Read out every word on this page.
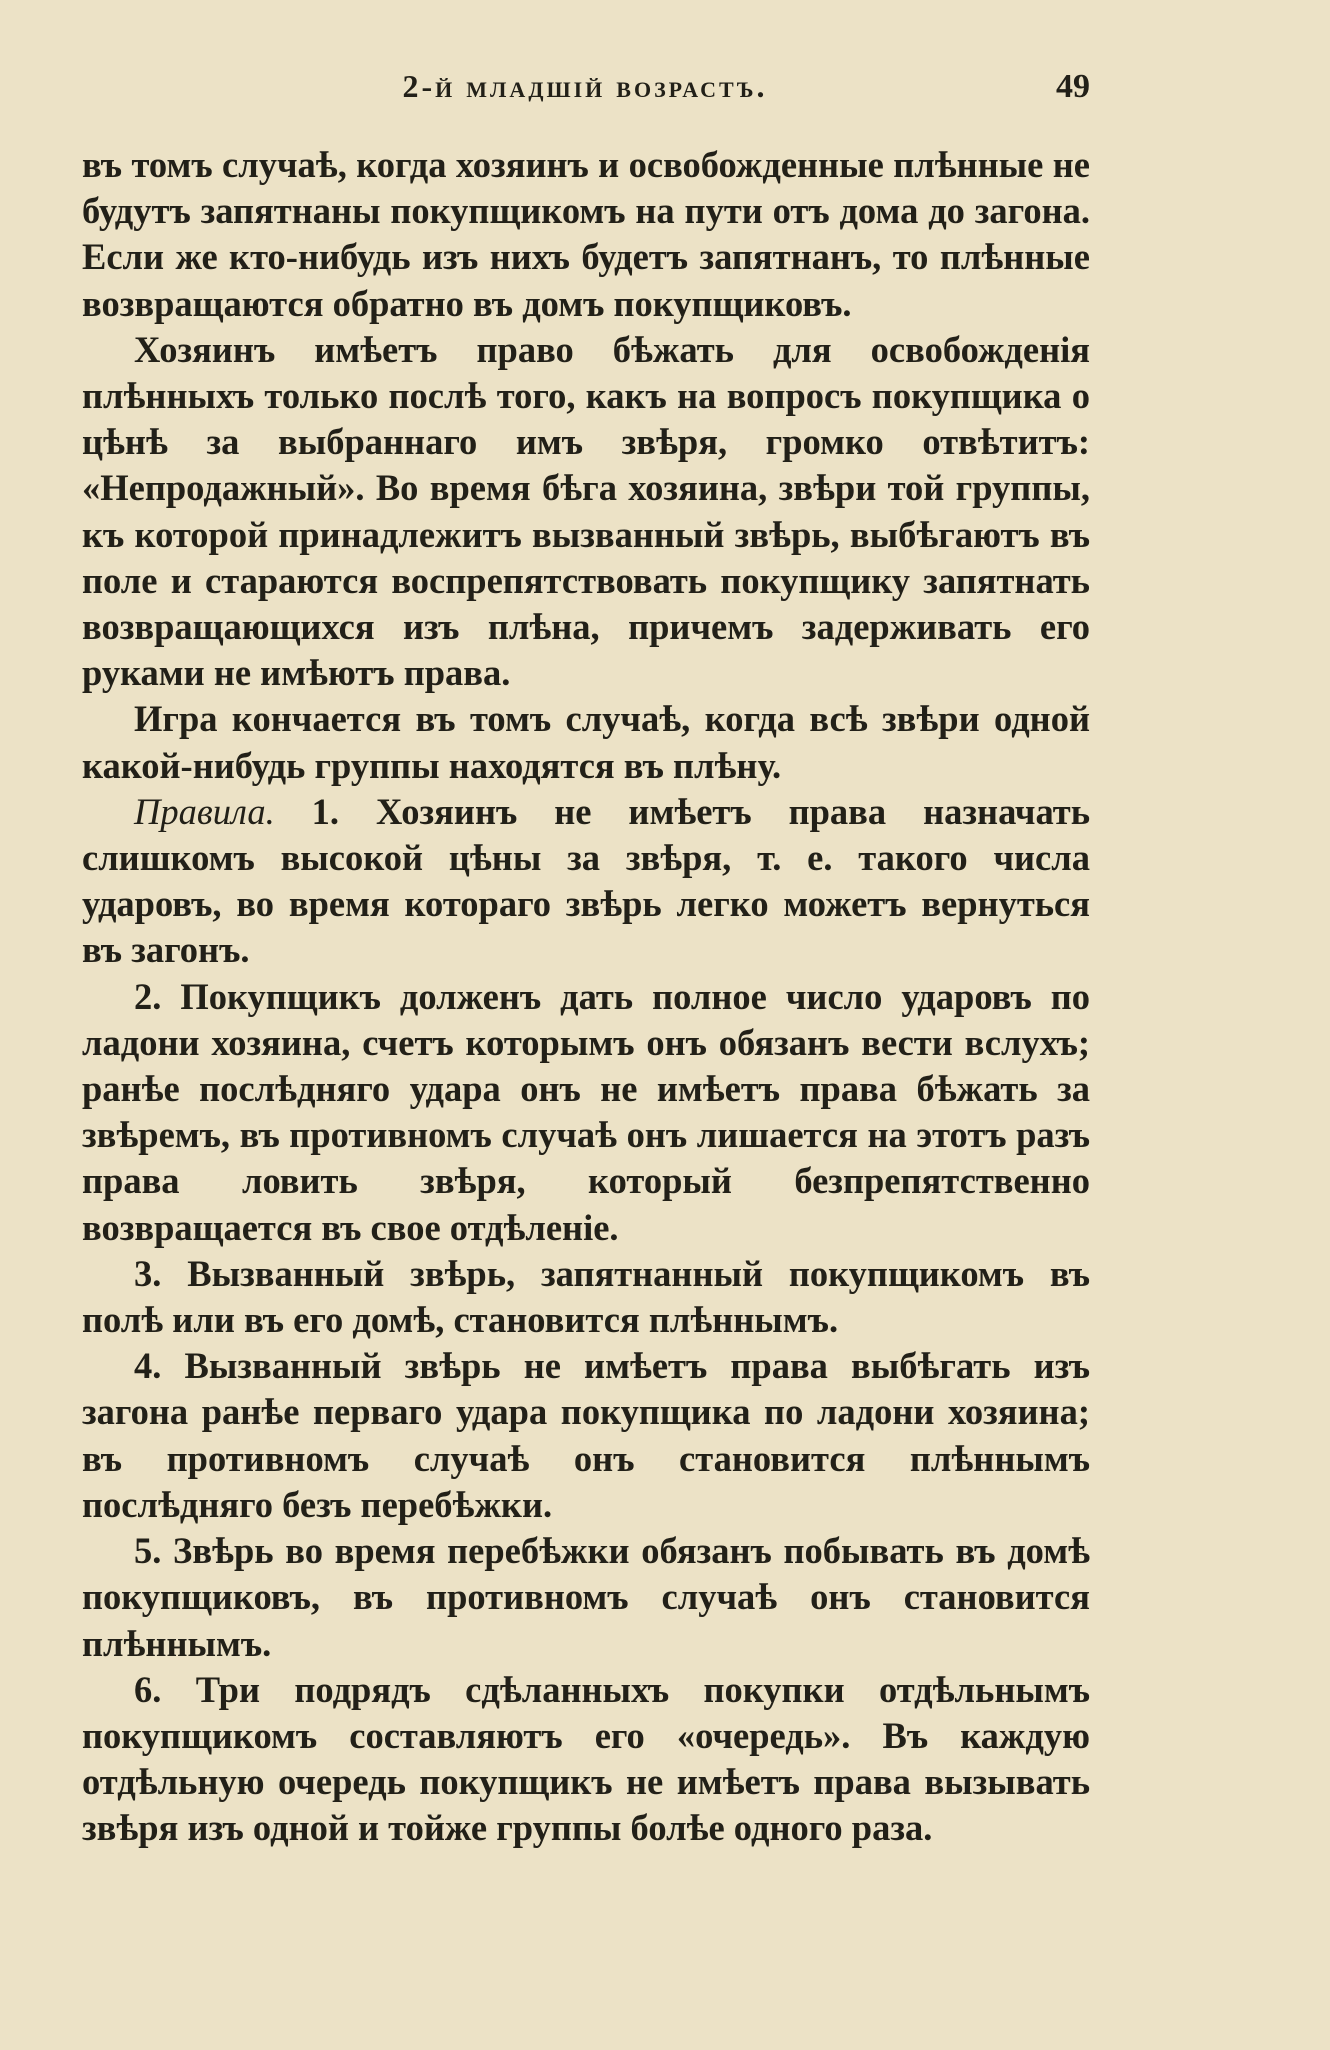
2-й младшій возрастъ.	49

въ томъ случаѣ, когда хозяинъ и освобожденные плѣнные не будутъ запятнаны покупщикомъ на пути отъ дома до загона. Если же кто-нибудь изъ нихъ будетъ запятнанъ, то плѣнные возвращаются обратно въ домъ покупщиковъ.

Хозяинъ имѣетъ право бѣжать для освобожденія плѣнныхъ только послѣ того, какъ на вопросъ покупщика о цѣнѣ за выбраннаго имъ звѣря, громко отвѣтитъ: «Непродажный». Во время бѣга хозяина, звѣри той группы, къ которой принадлежитъ вызванный звѣрь, выбѣгаютъ въ поле и стараются воспрепятствовать покупщику запятнать возвращающихся изъ плѣна, причемъ задерживать его руками не имѣютъ права.

Игра кончается въ томъ случаѣ, когда всѣ звѣри одной какой-нибудь группы находятся въ плѣну.

Правила. 1. Хозяинъ не имѣетъ права назначать слишкомъ высокой цѣны за звѣря, т. е. такого числа ударовъ, во время котораго звѣрь легко можетъ вернуться въ загонъ.

2. Покупщикъ долженъ дать полное число ударовъ по ладони хозяина, счетъ которымъ онъ обязанъ вести вслухъ; ранѣе послѣдняго удара онъ не имѣетъ права бѣжать за звѣремъ, въ противномъ случаѣ онъ лишается на этотъ разъ права ловить звѣря, который безпрепятственно возвращается въ свое отдѣленіе.

3. Вызванный звѣрь, запятнанный покупщикомъ въ полѣ или въ его домѣ, становится плѣннымъ.

4. Вызванный звѣрь не имѣетъ права выбѣгать изъ загона ранѣе перваго удара покупщика по ладони хозяина; въ противномъ случаѣ онъ становится плѣннымъ послѣдняго безъ перебѣжки.

5. Звѣрь во время перебѣжки обязанъ побывать въ домѣ покупщиковъ, въ противномъ случаѣ онъ становится плѣннымъ.

6. Три подрядъ сдѣланныхъ покупки отдѣльнымъ покупщикомъ составляютъ его «очередь». Въ каждую отдѣльную очередь покупщикъ не имѣетъ права вызывать звѣря изъ одной и тойже группы болѣе одного раза.
